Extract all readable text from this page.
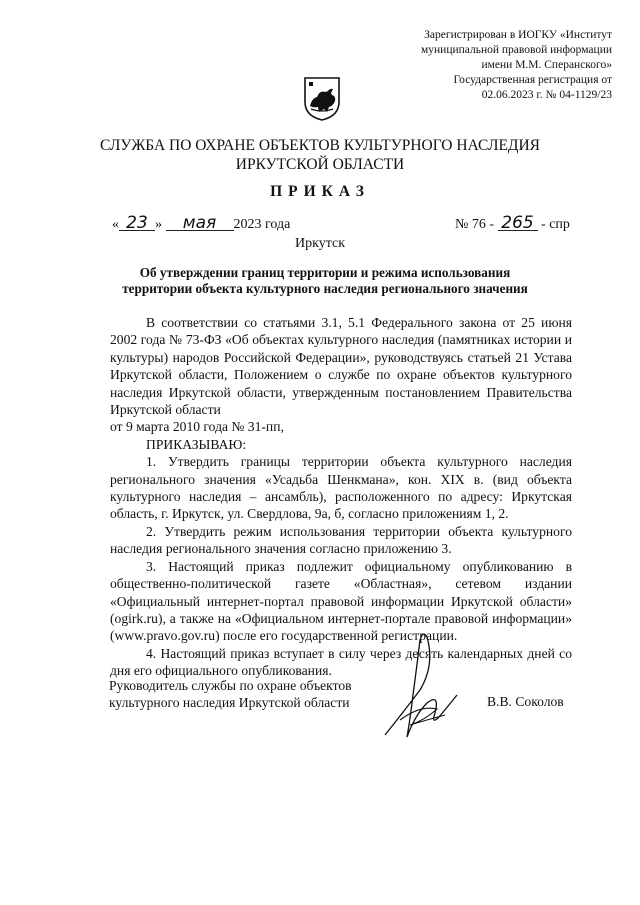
Зарегистрирован в ИОГКУ «Институт
муниципальной правовой информации
имени М.М. Сперанского»
Государственная регистрация от
02.06.2023 г. № 04-1129/23
СЛУЖБА ПО ОХРАНЕ ОБЪЕКТОВ КУЛЬТУРНОГО НАСЛЕДИЯ
ИРКУТСКОЙ ОБЛАСТИ
ПРИКАЗ
« 23 » мая 2023 года	№ 76 - 265 - спр
Иркутск
Об утверждении границ территории и режима использования
территории объекта культурного наследия регионального значения

В соответствии со статьями 3.1, 5.1 Федерального закона от 25 июня 2002 года № 73-ФЗ «Об объектах культурного наследия (памятниках истории и культуры) народов Российской Федерации», руководствуясь статьей 21 Устава Иркутской области, Положением о службе по охране объектов культурного наследия Иркутской области, утвержденным постановлением Правительства Иркутской области

от 9 марта 2010 года № 31-пп,

ПРИКАЗЫВАЮ:

1. Утвердить границы территории объекта культурного наследия регионального значения «Усадьба Шенкмана», кон. XIX в. (вид объекта культурного наследия – ансамбль), расположенного по адресу: Иркутская область, г. Иркутск, ул. Свердлова, 9а, б, согласно приложениям 1, 2.

2. Утвердить режим использования территории объекта культурного наследия регионального значения согласно приложению 3.

3. Настоящий приказ подлежит официальному опубликованию в общественно-политической газете «Областная», сетевом издании «Официальный интернет-портал правовой информации Иркутской области» (ogirk.ru), а также на «Официальном интернет-портале правовой информации» (www.pravo.gov.ru) после его государственной регистрации.

4. Настоящий приказ вступает в силу через десять календарных дней со дня его официального опубликования.

Руководитель службы по охране объектов
культурного наследия Иркутской области	В.В. Соколов
